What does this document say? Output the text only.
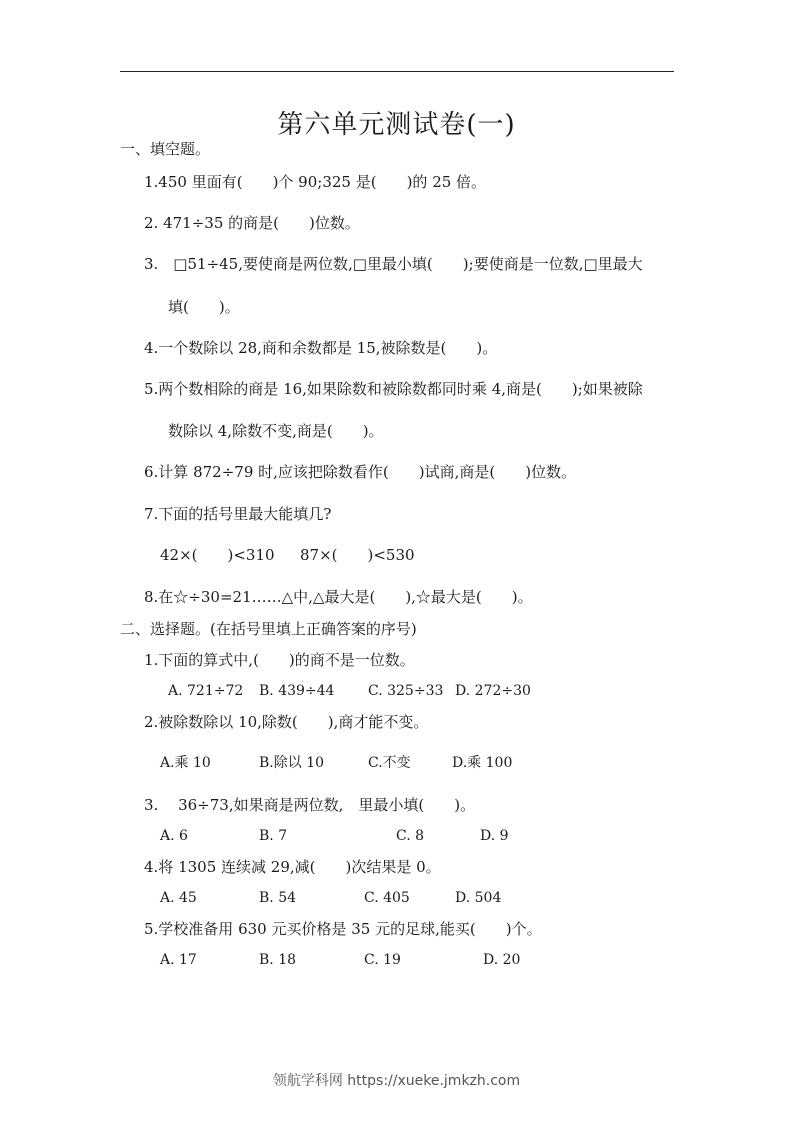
第六单元测试卷(一)
一、填空题。
1.450 里面有(　　)个 90;325 是(　　)的 25 倍。
2. 471÷35 的商是(　　)位数。
3.　□51÷45,要使商是两位数,□里最小填(　　);要使商是一位数,□里最大
填(　　)。
4.一个数除以 28,商和余数都是 15,被除数是(　　)。
5.两个数相除的商是 16,如果除数和被除数都同时乘 4,商是(　　);如果被除
数除以 4,除数不变,商是(　　)。
6.计算 872÷79 时,应该把除数看作(　　)试商,商是(　　)位数。
7.下面的括号里最大能填几?
42×(　　)<310 87×(　　)<530
8.在☆÷30=21……△中,△最大是(　　),☆最大是(　　)。
二、选择题。(在括号里填上正确答案的序号)
1.下面的算式中,(　　)的商不是一位数。
A. 721÷72 B. 439÷44 C. 325÷33 D. 272÷30
2.被除数除以 10,除数(　　),商才能不变。
A.乘 10	B.除以 10	C.不变	D.乘 100
3.　 36÷73,如果商是两位数,　里最小填(　　)。
A. 6	B. 7	C. 8	D. 9
4.将 1305 连续减 29,减(　　)次结果是 0。
A. 45	B. 54	C. 405	D. 504
5.学校准备用 630 元买价格是 35 元的足球,能买(　　)个。
A. 17	B. 18	C. 19	D. 20
领航学科网 https://xueke.jmkzh.com
